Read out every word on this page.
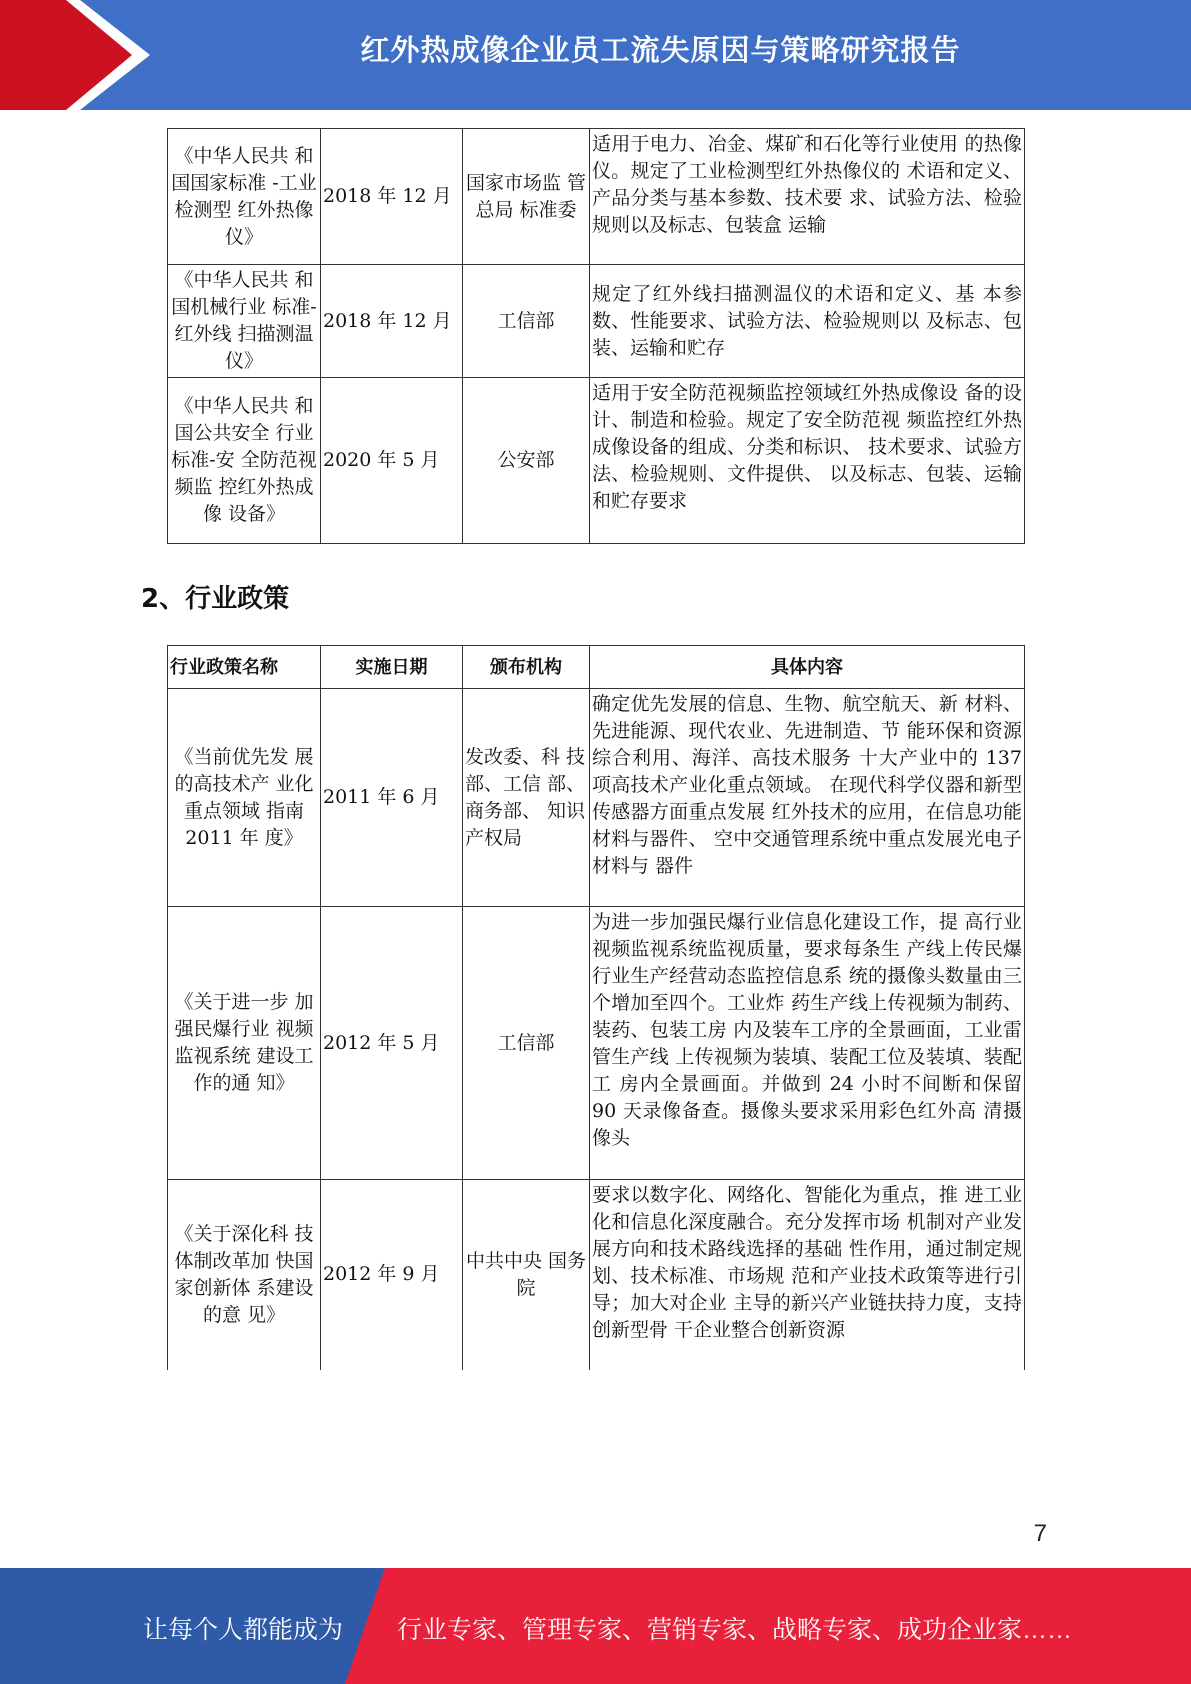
红外热成像企业员工流失原因与策略研究报告
《中华人民共 和国国家标准 -工业检测型 红外热像仪》	2018 年 12 月	国家市场监 管总局 标准委	适用于电力、冶金、煤矿和石化等行业使用 的热像仪。规定了工业检测型红外热像仪的 术语和定义、产品分类与基本参数、技术要 求、试验方法、检验规则以及标志、包装盒 运输
《中华人民共 和国机械行业 标准-红外线 扫描测温仪》	2018 年 12 月	工信部	规定了红外线扫描测温仪的术语和定义、基 本参数、性能要求、试验方法、检验规则以 及标志、包装、运输和贮存
《中华人民共 和国公共安全 行业标准-安 全防范视频监 控红外热成像 设备》	2020 年 5 月	公安部	适用于安全防范视频监控领域红外热成像设 备的设计、制造和检验。规定了安全防范视 频监控红外热成像设备的组成、分类和标识、 技术要求、试验方法、检验规则、文件提供、 以及标志、包装、运输和贮存要求
2、行业政策
行业政策名称	实施日期	颁布机构	具体内容
《当前优先发 展的高技术产 业化重点领域 指南 2011 年 度》	2011 年 6 月	发改委、科 技部、工信 部、商务部、 知识产权局	确定优先发展的信息、生物、航空航天、新 材料、先进能源、现代农业、先进制造、节 能环保和资源综合利用、海洋、高技术服务 十大产业中的 137 项高技术产业化重点领域。 在现代科学仪器和新型传感器方面重点发展 红外技术的应用，在信息功能材料与器件、 空中交通管理系统中重点发展光电子材料与 器件
《关于进一步 加强民爆行业 视频监视系统 建设工作的通 知》	2012 年 5 月	工信部	为进一步加强民爆行业信息化建设工作，提 高行业视频监视系统监视质量，要求每条生 产线上传民爆行业生产经营动态监控信息系 统的摄像头数量由三个增加至四个。工业炸 药生产线上传视频为制药、装药、包装工房 内及装车工序的全景画面，工业雷管生产线 上传视频为装填、装配工位及装填、装配工 房内全景画面。并做到 24 小时不间断和保留 90 天录像备查。摄像头要求采用彩色红外高 清摄像头
《关于深化科 技体制改革加 快国家创新体 系建设的意 见》	2012 年 9 月	中共中央 国务院	要求以数字化、网络化、智能化为重点，推 进工业化和信息化深度融合。充分发挥市场 机制对产业发展方向和技术路线选择的基础 性作用，通过制定规划、技术标准、市场规 范和产业技术政策等进行引导；加大对企业 主导的新兴产业链扶持力度，支持创新型骨 干企业整合创新资源
7
让每个人都能成为 行业专家、管理专家、营销专家、战略专家、成功企业家……
